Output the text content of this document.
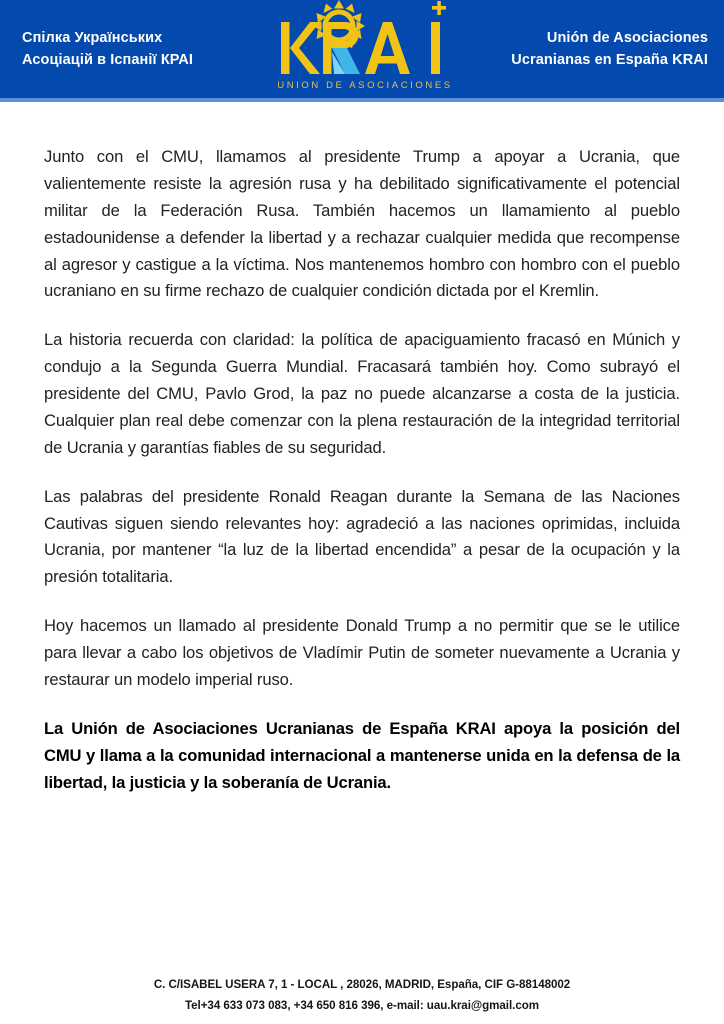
Спілка Українських
Асоціацій в Іспанії КРАІ
UNION DE ASOCIACIONES
Unión de Asociaciones
Ucranianas en España KRAI

Junto con el CMU, llamamos al presidente Trump a apoyar a Ucrania, que valientemente resiste la agresión rusa y ha debilitado significativamente el potencial militar de la Federación Rusa. También hacemos un llamamiento al pueblo estadounidense a defender la libertad y a rechazar cualquier medida que recompense al agresor y castigue a la víctima. Nos mantenemos hombro con hombro con el pueblo ucraniano en su firme rechazo de cualquier condición dictada por el Kremlin.

La historia recuerda con claridad: la política de apaciguamiento fracasó en Múnich y condujo a la Segunda Guerra Mundial. Fracasará también hoy. Como subrayó el presidente del CMU, Pavlo Grod, la paz no puede alcanzarse a costa de la justicia. Cualquier plan real debe comenzar con la plena restauración de la integridad territorial de Ucrania y garantías fiables de su seguridad.

Las palabras del presidente Ronald Reagan durante la Semana de las Naciones Cautivas siguen siendo relevantes hoy: agradeció a las naciones oprimidas, incluida Ucrania, por mantener “la luz de la libertad encendida” a pesar de la ocupación y la presión totalitaria.

Hoy hacemos un llamado al presidente Donald Trump a no permitir que se le utilice para llevar a cabo los objetivos de Vladímir Putin de someter nuevamente a Ucrania y restaurar un modelo imperial ruso.

La Unión de Asociaciones Ucranianas de España KRAI apoya la posición del CMU y llama a la comunidad internacional a mantenerse unida en la defensa de la libertad, la justicia y la soberanía de Ucrania.

C. C/ISABEL USERA 7, 1 - LOCAL , 28026, MADRID, España, CIF G-88148002
Tel+34 633 073 083, +34 650 816 396, e-mail: uau.krai@gmail.com
